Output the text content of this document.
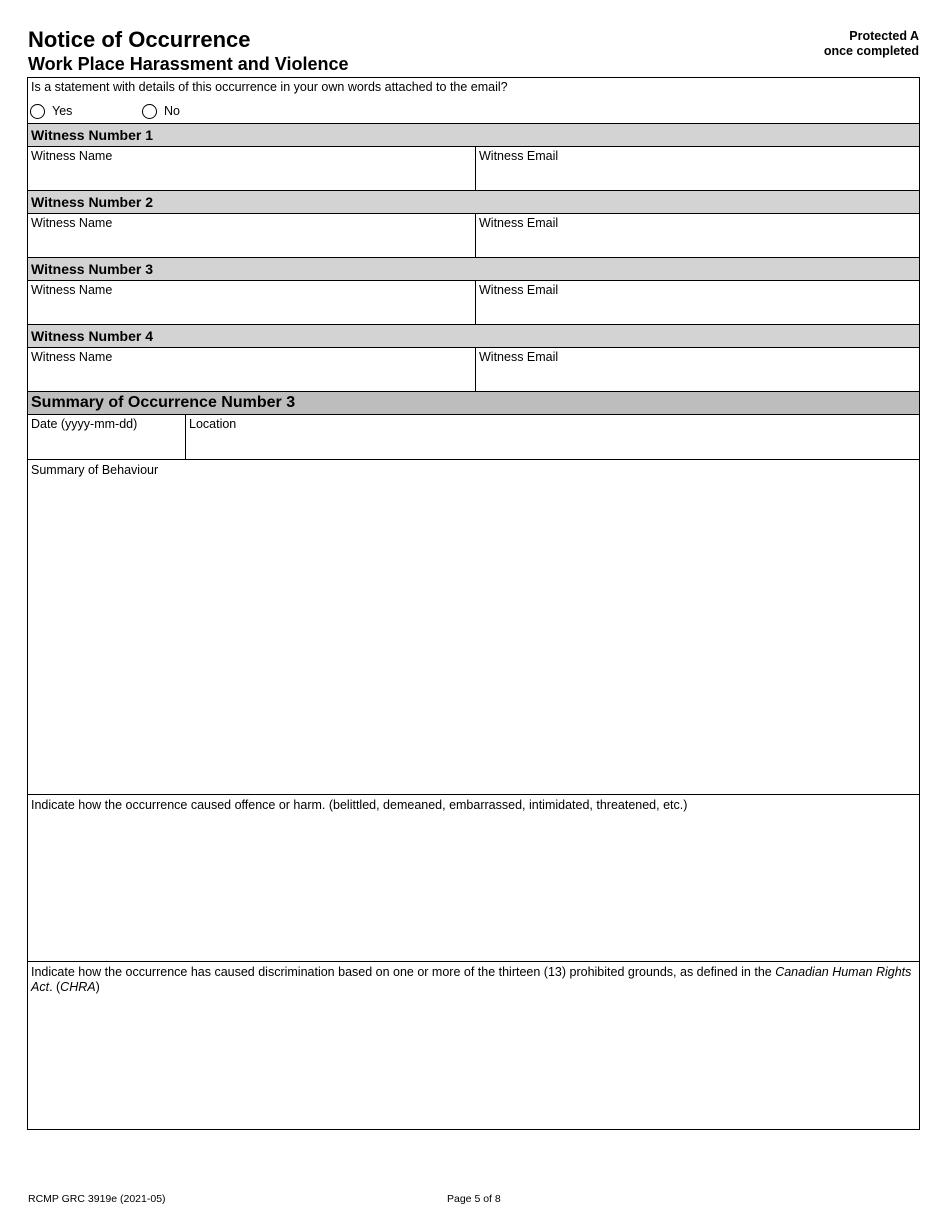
Notice of Occurrence
Work Place Harassment and Violence
Protected A
once completed
Is a statement with details of this occurrence in your own words attached to the email?
Yes	No
Witness Number 1
Witness Name	Witness Email
Witness Number 2
Witness Name	Witness Email
Witness Number 3
Witness Name	Witness Email
Witness Number 4
Witness Name	Witness Email
Summary of Occurrence Number 3
Date (yyyy-mm-dd)	Location
Summary of Behaviour
Indicate how the occurrence caused offence or harm. (belittled, demeaned, embarrassed, intimidated, threatened, etc.)
Indicate how the occurrence has caused discrimination based on one or more of the thirteen (13) prohibited grounds, as defined in the Canadian Human Rights Act. (CHRA)
RCMP GRC 3919e (2021-05)	Page 5 of 8
